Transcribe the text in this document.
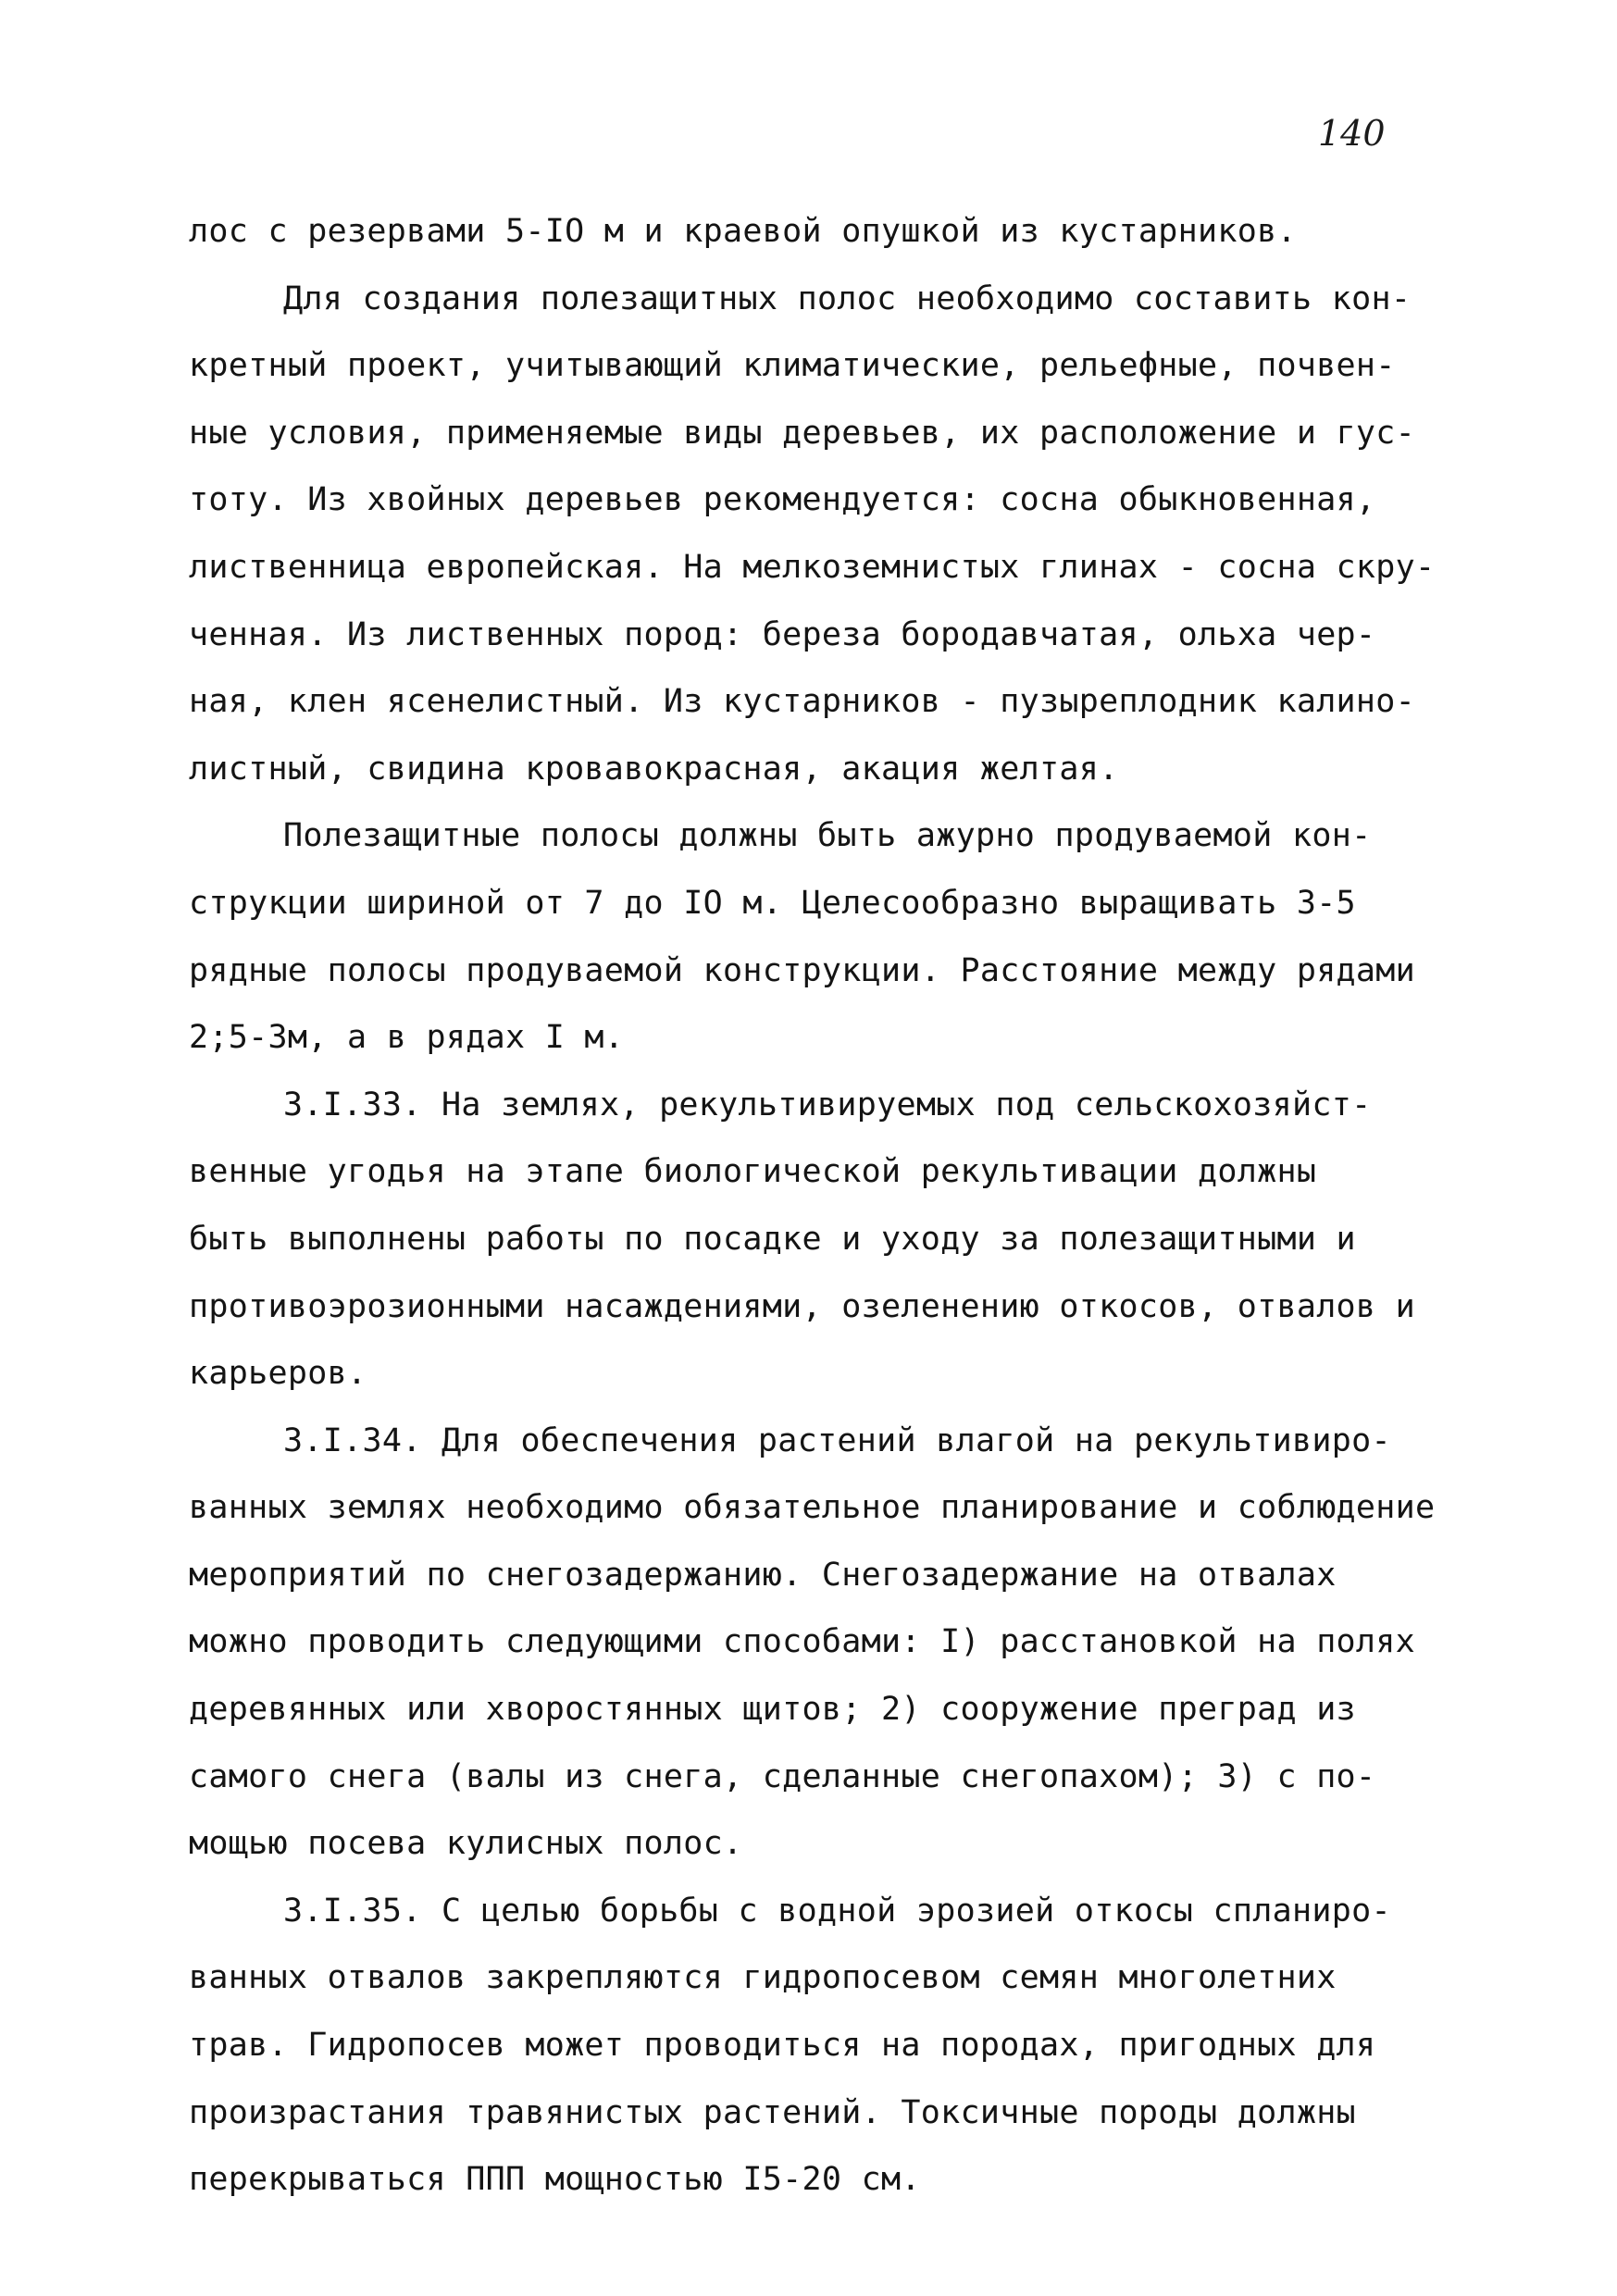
140
лос с резервами 5-IO м и краевой опушкой из кустарников.
Для создания полезащитных полос необходимо составить кон-
кретный проект, учитывающий климатические, рельефные, почвен-
ные условия, применяемые виды деревьев, их расположение и гус-
тоту. Из хвойных деревьев рекомендуется: сосна обыкновенная,
лиственница европейская. На мелкоземнистых глинах - сосна скру-
ченная. Из лиственных пород: береза бородавчатая, ольха чер-
ная, клен ясенелистный. Из кустарников - пузыреплодник калино-
листный, свидина кровавокрасная, акация желтая.
Полезащитные полосы должны быть ажурно продуваемой кон-
струкции шириной от 7 до IO м. Целесообразно выращивать 3-5
рядные полосы продуваемой конструкции. Расстояние между рядами
2;5-3м, а в рядах I м.
3.I.33. На землях, рекультивируемых под сельскохозяйст-
венные угодья на этапе биологической рекультивации должны
быть выполнены работы по посадке и уходу за полезащитными и
противоэрозионными насаждениями, озеленению откосов, отвалов и
карьеров.
3.I.34. Для обеспечения растений влагой на рекультивиро-
ванных землях необходимо обязательное планирование и соблюдение
мероприятий по снегозадержанию. Снегозадержание на отвалах
можно проводить следующими способами: I) расстановкой на полях
деревянных или хворостянных щитов; 2) сооружение преград из
самого снега (валы из снега, сделанные снегопахом); 3) с по-
мощью посева кулисных полос.
3.I.35. С целью борьбы с водной эрозией откосы спланиро-
ванных отвалов закрепляются гидропосевом семян многолетних
трав. Гидропосев может проводиться на породах, пригодных для
произрастания травянистых растений. Токсичные породы должны
перекрываться ППП мощностью I5-20 см.
